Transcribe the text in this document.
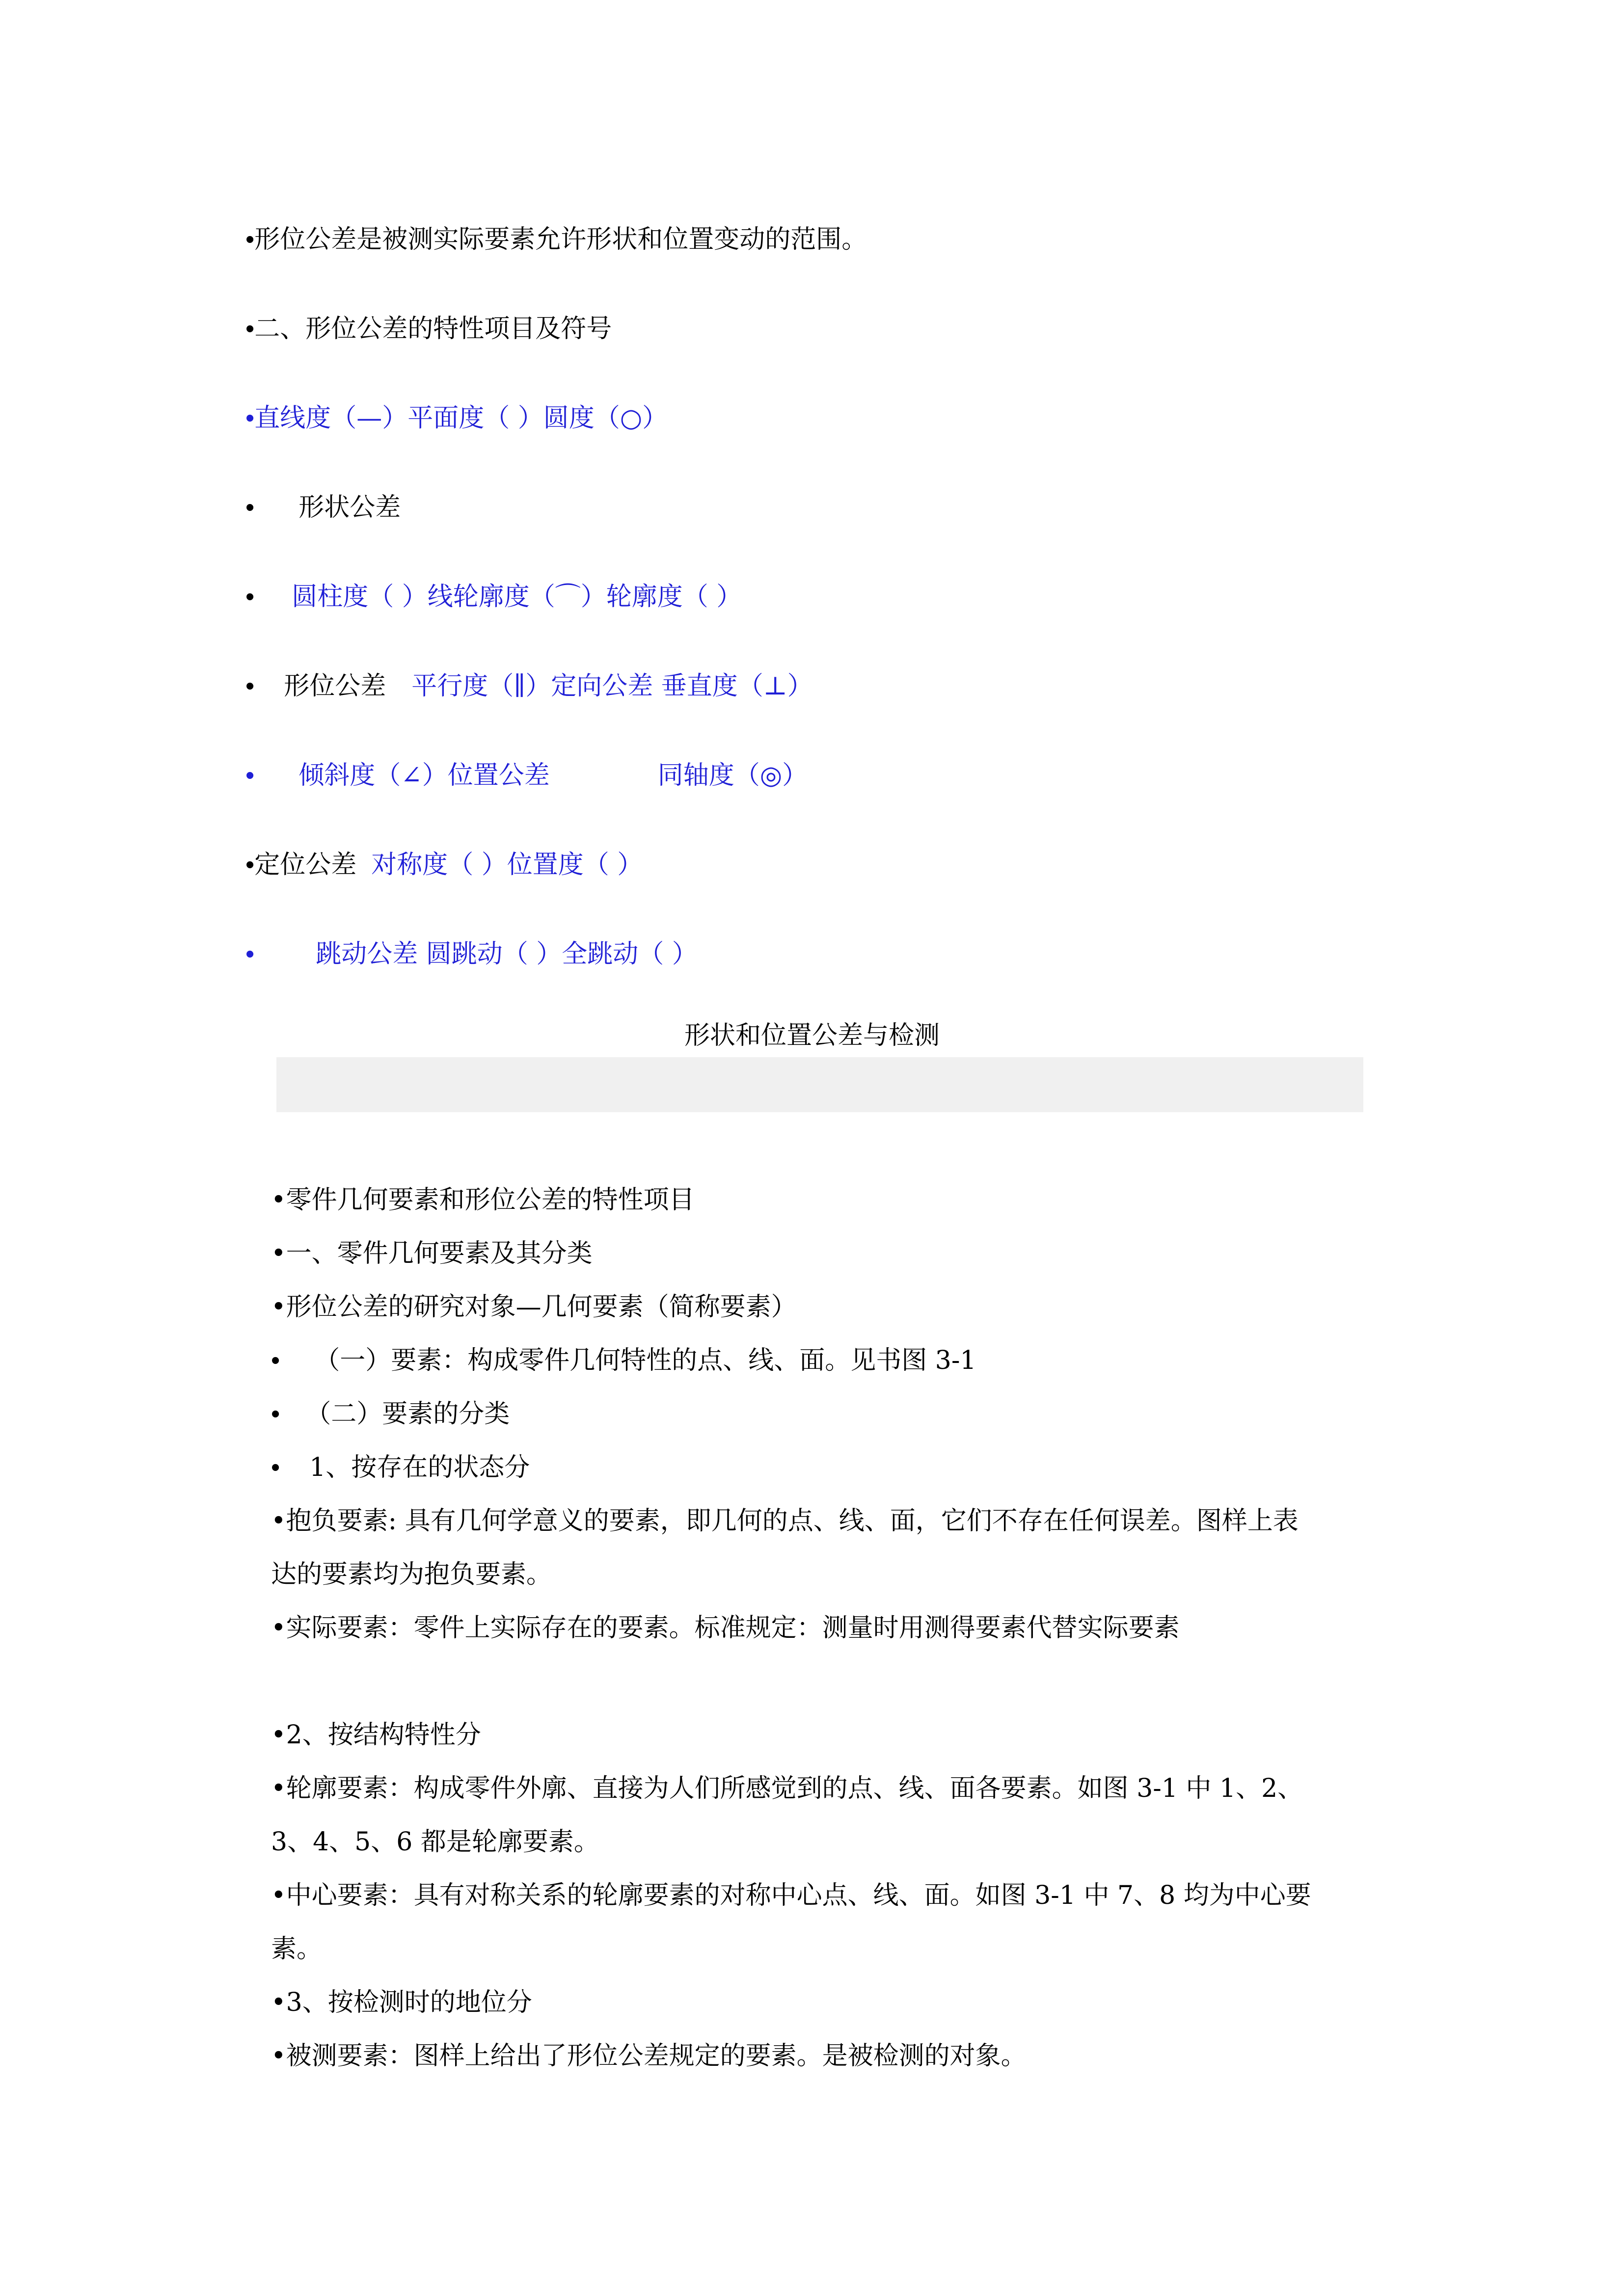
•形位公差是被测实际要素允许形状和位置变动的范围。
•二、形位公差的特性项目及符号
•直线度（—）平面度（ ）圆度（○）
• 形状公差
• 圆柱度（ ）线轮廓度（⌒）轮廓度（ ）
• 形位公差 平行度（∥）定向公差 垂直度（⊥）
• 倾斜度（∠）位置公差	同轴度（◎）
•定位公差 对称度（ ）位置度（ ）
• 跳动公差 圆跳动（ ）全跳动（ ）
形状和位置公差与检测
•零件几何要素和形位公差的特性项目
•一、零件几何要素及其分类
•形位公差的研究对象—几何要素（简称要素）
• （一）要素：构成零件几何特性的点、线、面。见书图 3-1
• （二）要素的分类
• 1、按存在的状态分
•抱负要素: 具有几何学意义的要素，即几何的点、线、面，它们不存在任何误差。图样上表
达的要素均为抱负要素。
•实际要素：零件上实际存在的要素。标准规定：测量时用测得要素代替实际要素
•2、按结构特性分
•轮廓要素：构成零件外廓、直接为人们所感觉到的点、线、面各要素。如图 3-1 中 1、2、
3、4、5、6 都是轮廓要素。
•中心要素：具有对称关系的轮廓要素的对称中心点、线、面。如图 3-1 中 7、8 均为中心要
素。
•3、按检测时的地位分
•被测要素：图样上给出了形位公差规定的要素。是被检测的对象。
